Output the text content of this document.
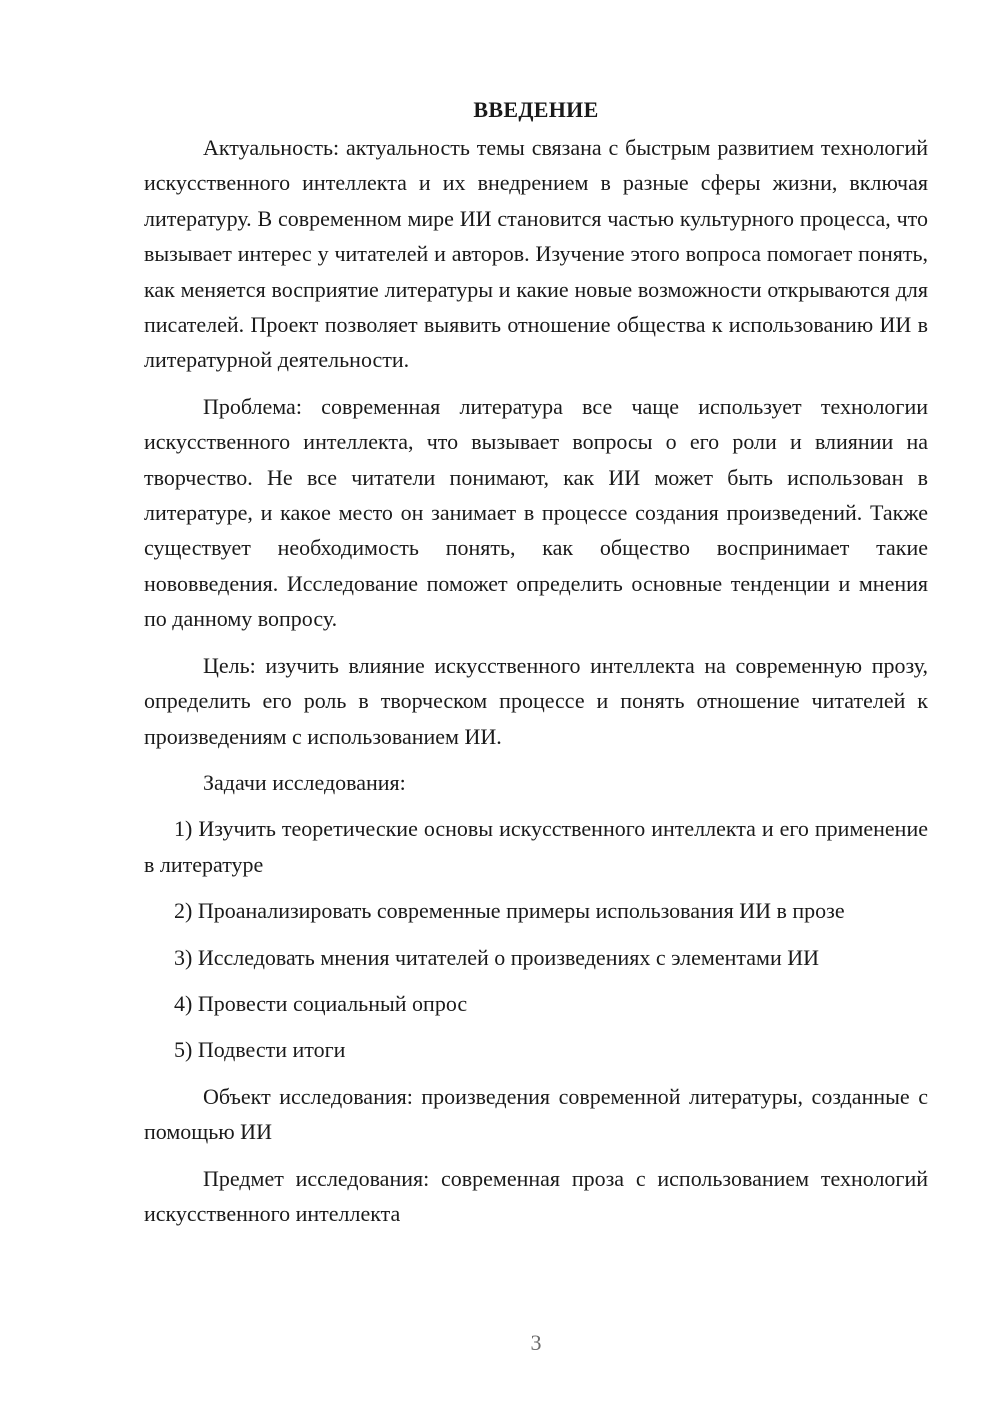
ВВЕДЕНИЕ

Актуальность: актуальность темы связана с быстрым развитием технологий искусственного интеллекта и их внедрением в разные сферы жизни, включая литературу. В современном мире ИИ становится частью культурного процесса, что вызывает интерес у читателей и авторов. Изучение этого вопроса помогает понять, как меняется восприятие литературы и какие новые возможности открываются для писателей. Проект позволяет выявить отношение общества к использованию ИИ в литературной деятельности.

Проблема: современная литература все чаще использует технологии искусственного интеллекта, что вызывает вопросы о его роли и влиянии на творчество. Не все читатели понимают, как ИИ может быть использован в литературе, и какое место он занимает в процессе создания произведений. Также существует необходимость понять, как общество воспринимает такие нововведения. Исследование поможет определить основные тенденции и мнения по данному вопросу.

Цель: изучить влияние искусственного интеллекта на современную прозу, определить его роль в творческом процессе и понять отношение читателей к произведениям с использованием ИИ.

Задачи исследования:

1) Изучить теоретические основы искусственного интеллекта и его применение в литературе

2) Проанализировать современные примеры использования ИИ в прозе

3) Исследовать мнения читателей о произведениях с элементами ИИ

4) Провести социальный опрос

5) Подвести итоги

Объект исследования: произведения современной литературы, созданные с помощью ИИ

Предмет исследования: современная проза с использованием технологий искусственного интеллекта

3
